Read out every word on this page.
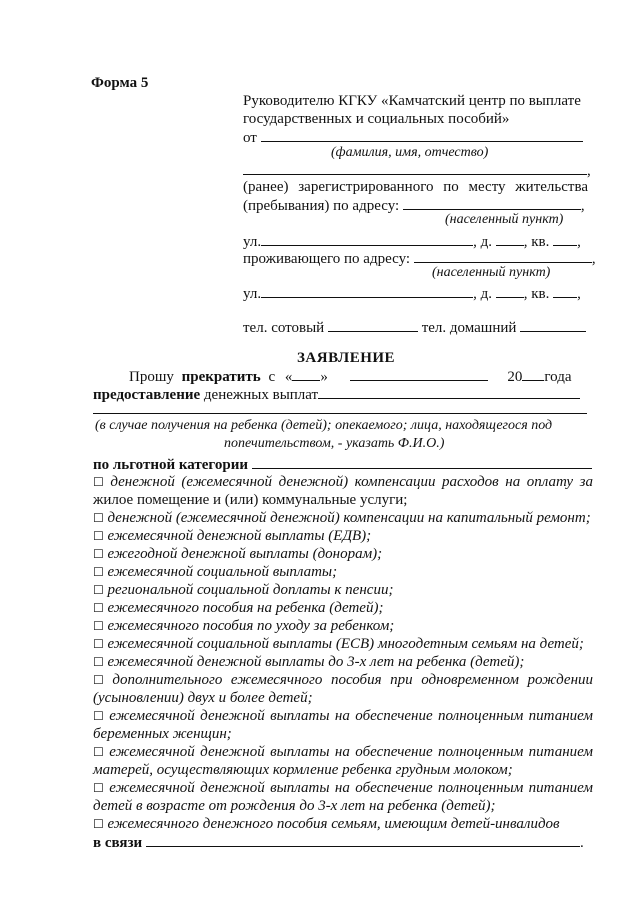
Форма 5
Руководителю КГКУ «Камчатский центр по выплате
государственных и социальных пособий»
от
(фамилия, имя, отчество)
,
(ранее) зарегистрированного по месту жительства
(пребывания) по адресу:	,
(населенный пункт)
ул.	, д. , кв. ,
проживающего по адресу:	,
(населенный пункт)
ул.	, д. , кв. ,
тел. сотовый	тел. домашний
ЗАЯВЛЕНИЕ
Прошу прекратить с « »	20 года
предоставление денежных выплат
(в случае получения на ребенка (детей); опекаемого; лица, находящегося под
попечительством, - указать Ф.И.О.)
по льготной категории
☐ денежной (ежемесячной денежной) компенсации расходов на оплату за
жилое помещение и (или) коммунальные услуги;
☐ денежной (ежемесячной денежной) компенсации на капитальный ремонт;
☐ ежемесячной денежной выплаты (ЕДВ);
☐ ежегодной денежной выплаты (донорам);
☐ ежемесячной социальной выплаты;
☐ региональной социальной доплаты к пенсии;
☐ ежемесячного пособия на ребенка (детей);
☐ ежемесячного пособия по уходу за ребенком;
☐ ежемесячной социальной выплаты (ЕСВ) многодетным семьям на детей;
☐ ежемесячной денежной выплаты до 3-х лет на ребенка (детей);
☐ дополнительного ежемесячного пособия при одновременном рождении
(усыновлении) двух и более детей;
☐ ежемесячной денежной выплаты на обеспечение полноценным питанием
беременных женщин;
☐ ежемесячной денежной выплаты на обеспечение полноценным питанием
матерей, осуществляющих кормление ребенка грудным молоком;
☐ ежемесячной денежной выплаты на обеспечение полноценным питанием
детей в возрасте от рождения до 3-х лет на ребенка (детей);
☐ ежемесячного денежного пособия семьям, имеющим детей-инвалидов
в связи	.
